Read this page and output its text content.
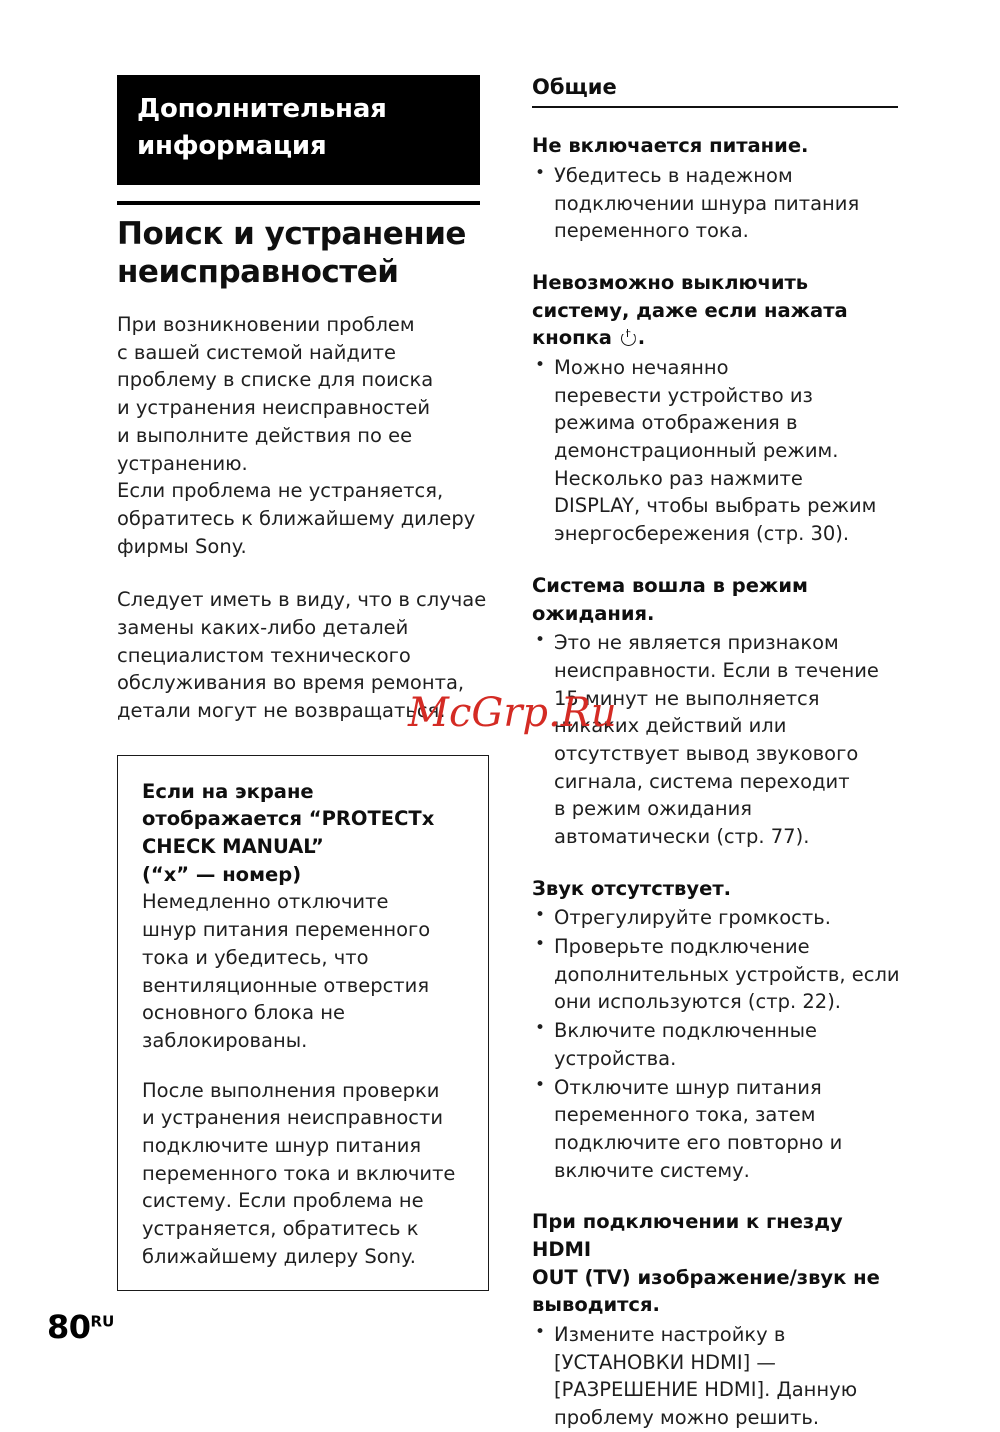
Дополнительная
информация
Поиск и устранение
неисправностей
При возникновении проблем
с вашей системой найдите
проблему в списке для поиска
и устранения неисправностей
и выполните действия по ее
устранению.
Если проблема не устраняется,
обратитесь к ближайшему дилеру
фирмы Sony.
Следует иметь в виду, что в случае
замены каких-либо деталей
специалистом технического
обслуживания во время ремонта,
детали могут не возвращаться.
Если на экране
отображается “PROTECTx
CHECK MANUAL”
(“x” — номер)
Немедленно отключите
шнур питания переменного
тока и убедитесь, что
вентиляционные отверстия
основного блока не
заблокированы.
После выполнения проверки
и устранения неисправности
подключите шнур питания
переменного тока и включите
систему. Если проблема не
устраняется, обратитесь к
ближайшему дилеру Sony.
Общие
Не включается питание.
• Убедитесь в надежном
подключении шнура питания
переменного тока.
Невозможно выключить
систему, даже если нажата
кнопка
.
• Можно нечаянно
перевести устройство из
режима отображения в
демонстрационный режим.
Несколько раз нажмите
DISPLAY, чтобы выбрать режим
энергосбережения (стр. 30).
Система вошла в режим
ожидания.
• Это не является признаком
неисправности. Если в течение
15 минут не выполняется
никаких действий или
отсутствует вывод звукового
сигнала, система переходит
в режим ожидания
автоматически (стр. 77).
Звук отсутствует.
• Отрегулируйте громкость.
• Проверьте подключение
дополнительных устройств, если
они используются (стр. 22).
• Включите подключенные
устройства.
• Отключите шнур питания
переменного тока, затем
подключите его повторно и
включите систему.
При подключении к гнезду HDMI
OUT (TV) изображение/звук не
выводится.
• Измените настройку в
[УСТАНОВКИ HDMI] —
[РАЗРЕШЕНИЕ HDMI]. Данную
проблему можно решить.
$80^{RU}$
McGrp.Ru
